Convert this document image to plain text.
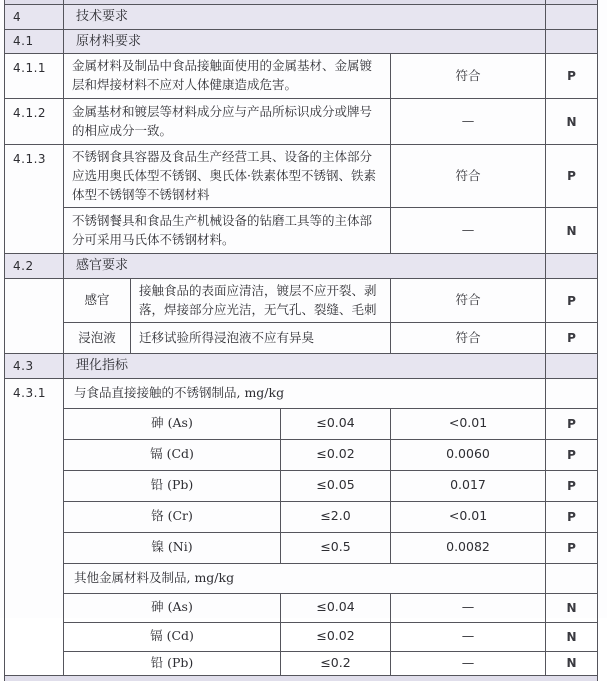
4	技术要求				
4.1	原材料要求				
4.1.1	金属材料及制品中食品接触面使用的金属基材、金属镀层和焊接材料不应对人体健康造成危害。			符合	P
4.1.2	金属基材和镀层等材料成分应与产品所标识成分或牌号的相应成分一致。			—	N
4.1.3	不锈钢食具容器及食品生产经营工具、设备的主体部分应选用奥氏体型不锈钢、奥氏体·铁素体型不锈钢、铁素体型不锈钢等不锈钢材料			符合	P
	不锈钢餐具和食品生产机械设备的钻磨工具等的主体部分可采用马氏体不锈钢材料。			—	N
4.2	感官要求				
	感官	接触食品的表面应清洁，镀层不应开裂、剥落，焊接部分应光洁，无气孔、裂缝、毛刺		符合	P
	浸泡液	迁移试验所得浸泡液不应有异臭		符合	P
4.3	理化指标				
4.3.1	与食品直接接触的不锈钢制品, mg/kg				
	砷 (As)		≤0.04	<0.01	P
	镉 (Cd)		≤0.02	0.0060	P
	铅 (Pb)		≤0.05	0.017	P
	铬 (Cr)		≤2.0	<0.01	P
	镍 (Ni)		≤0.5	0.0082	P
	其他金属材料及制品, mg/kg				
	砷 (As)		≤0.04	—	N
	镉 (Cd)		≤0.02	—	N
	铅 (Pb)		≤0.2	—	N
